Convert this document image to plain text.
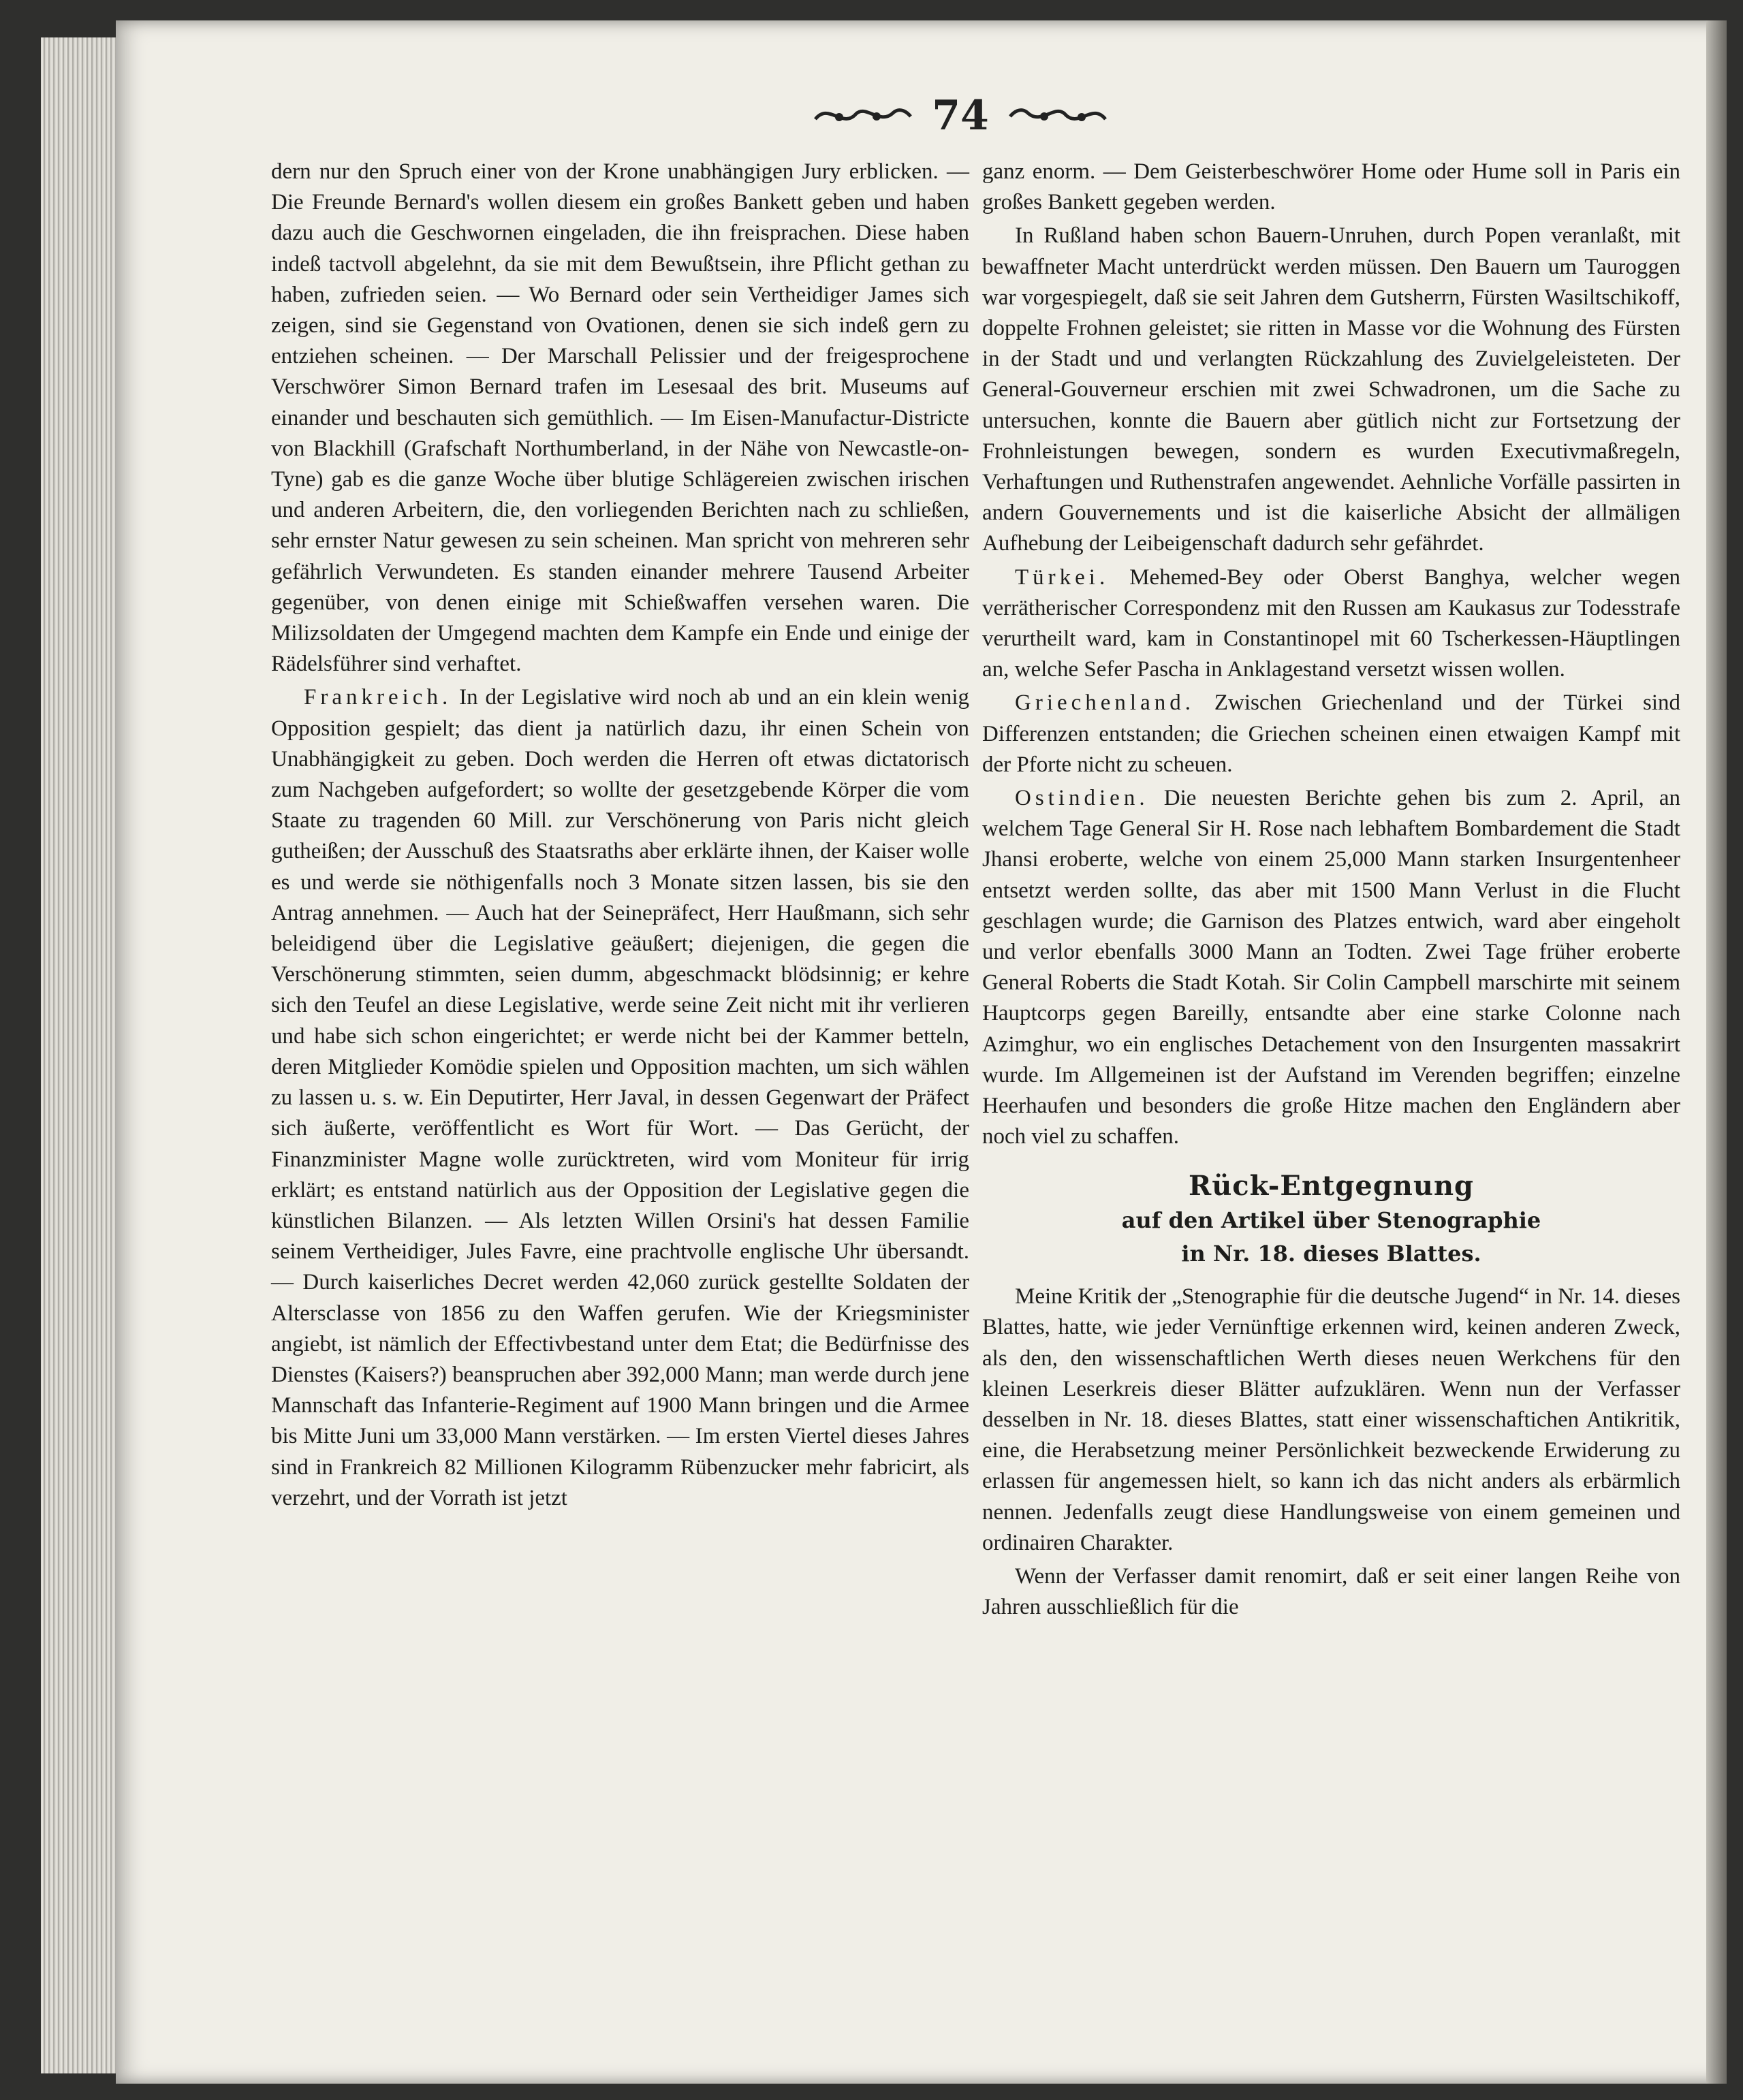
74

dern nur den Spruch einer von der Krone unabhängigen Jury erblicken. — Die Freunde Bernard's wollen diesem ein großes Bankett geben und haben dazu auch die Geschwornen eingeladen, die ihn freisprachen. Diese haben indeß tactvoll abgelehnt, da sie mit dem Bewußtsein, ihre Pflicht gethan zu haben, zufrieden seien. — Wo Bernard oder sein Vertheidiger James sich zeigen, sind sie Gegenstand von Ovationen, denen sie sich indeß gern zu entziehen scheinen. — Der Marschall Pelissier und der freigesprochene Verschwörer Simon Bernard trafen im Lesesaal des brit. Museums auf einander und beschauten sich gemüthlich. — Im Eisen-Manufactur-Districte von Blackhill (Grafschaft Northumberland, in der Nähe von Newcastle-on-Tyne) gab es die ganze Woche über blutige Schlägereien zwischen irischen und anderen Arbeitern, die, den vorliegenden Berichten nach zu schließen, sehr ernster Natur gewesen zu sein scheinen. Man spricht von mehreren sehr gefährlich Verwundeten. Es standen einander mehrere Tausend Arbeiter gegenüber, von denen einige mit Schießwaffen versehen waren. Die Milizsoldaten der Umgegend machten dem Kampfe ein Ende und einige der Rädelsführer sind verhaftet.

Frankreich. In der Legislative wird noch ab und an ein klein wenig Opposition gespielt; das dient ja natürlich dazu, ihr einen Schein von Unabhängigkeit zu geben. Doch werden die Herren oft etwas dictatorisch zum Nachgeben aufgefordert; so wollte der gesetzgebende Körper die vom Staate zu tragenden 60 Mill. zur Verschönerung von Paris nicht gleich gutheißen; der Ausschuß des Staatsraths aber erklärte ihnen, der Kaiser wolle es und werde sie nöthigenfalls noch 3 Monate sitzen lassen, bis sie den Antrag annehmen. — Auch hat der Seinepräfect, Herr Haußmann, sich sehr beleidigend über die Legislative geäußert; diejenigen, die gegen die Verschönerung stimmten, seien dumm, abgeschmackt blödsinnig; er kehre sich den Teufel an diese Legislative, werde seine Zeit nicht mit ihr verlieren und habe sich schon eingerichtet; er werde nicht bei der Kammer betteln, deren Mitglieder Komödie spielen und Opposition machten, um sich wählen zu lassen u. s. w. Ein Deputirter, Herr Javal, in dessen Gegenwart der Präfect sich äußerte, veröffentlicht es Wort für Wort. — Das Gerücht, der Finanzminister Magne wolle zurücktreten, wird vom Moniteur für irrig erklärt; es entstand natürlich aus der Opposition der Legislative gegen die künstlichen Bilanzen. — Als letzten Willen Orsini's hat dessen Familie seinem Vertheidiger, Jules Favre, eine prachtvolle englische Uhr übersandt. — Durch kaiserliches Decret werden 42,060 zurück gestellte Soldaten der Altersclasse von 1856 zu den Waffen gerufen. Wie der Kriegsminister angiebt, ist nämlich der Effectivbestand unter dem Etat; die Bedürfnisse des Dienstes (Kaisers?) beanspruchen aber 392,000 Mann; man werde durch jene Mannschaft das Infanterie-Regiment auf 1900 Mann bringen und die Armee bis Mitte Juni um 33,000 Mann verstärken. — Im ersten Viertel dieses Jahres sind in Frankreich 82 Millionen Kilogramm Rübenzucker mehr fabricirt, als verzehrt, und der Vorrath ist jetzt

ganz enorm. — Dem Geisterbeschwörer Home oder Hume soll in Paris ein großes Bankett gegeben werden.

In Rußland haben schon Bauern-Unruhen, durch Popen veranlaßt, mit bewaffneter Macht unterdrückt werden müssen. Den Bauern um Tauroggen war vorgespiegelt, daß sie seit Jahren dem Gutsherrn, Fürsten Wasiltschikoff, doppelte Frohnen geleistet; sie ritten in Masse vor die Wohnung des Fürsten in der Stadt und und verlangten Rückzahlung des Zuvielgeleisteten. Der General-Gouverneur erschien mit zwei Schwadronen, um die Sache zu untersuchen, konnte die Bauern aber gütlich nicht zur Fortsetzung der Frohnleistungen bewegen, sondern es wurden Executivmaßregeln, Verhaftungen und Ruthenstrafen angewendet. Aehnliche Vorfälle passirten in andern Gouvernements und ist die kaiserliche Absicht der allmäligen Aufhebung der Leibeigenschaft dadurch sehr gefährdet.

Türkei. Mehemed-Bey oder Oberst Banghya, welcher wegen verrätherischer Correspondenz mit den Russen am Kaukasus zur Todesstrafe verurtheilt ward, kam in Constantinopel mit 60 Tscherkessen-Häuptlingen an, welche Sefer Pascha in Anklagestand versetzt wissen wollen.

Griechenland. Zwischen Griechenland und der Türkei sind Differenzen entstanden; die Griechen scheinen einen etwaigen Kampf mit der Pforte nicht zu scheuen.

Ostindien. Die neuesten Berichte gehen bis zum 2. April, an welchem Tage General Sir H. Rose nach lebhaftem Bombardement die Stadt Jhansi eroberte, welche von einem 25,000 Mann starken Insurgentenheer entsetzt werden sollte, das aber mit 1500 Mann Verlust in die Flucht geschlagen wurde; die Garnison des Platzes entwich, ward aber eingeholt und verlor ebenfalls 3000 Mann an Todten. Zwei Tage früher eroberte General Roberts die Stadt Kotah. Sir Colin Campbell marschirte mit seinem Hauptcorps gegen Bareilly, entsandte aber eine starke Colonne nach Azimghur, wo ein englisches Detachement von den Insurgenten massakrirt wurde. Im Allgemeinen ist der Aufstand im Verenden begriffen; einzelne Heerhaufen und besonders die große Hitze machen den Engländern aber noch viel zu schaffen.

Rück-Entgegnung

auf den Artikel über Stenographie

in Nr. 18. dieses Blattes.

Meine Kritik der „Stenographie für die deutsche Jugend“ in Nr. 14. dieses Blattes, hatte, wie jeder Vernünftige erkennen wird, keinen anderen Zweck, als den, den wissenschaftlichen Werth dieses neuen Werkchens für den kleinen Leserkreis dieser Blätter aufzuklären. Wenn nun der Verfasser desselben in Nr. 18. dieses Blattes, statt einer wissenschaftichen Antikritik, eine, die Herabsetzung meiner Persönlichkeit bezweckende Erwiderung zu erlassen für angemessen hielt, so kann ich das nicht anders als erbärmlich nennen. Jedenfalls zeugt diese Handlungsweise von einem gemeinen und ordinairen Charakter.

Wenn der Verfasser damit renomirt, daß er seit einer langen Reihe von Jahren ausschließlich für die
